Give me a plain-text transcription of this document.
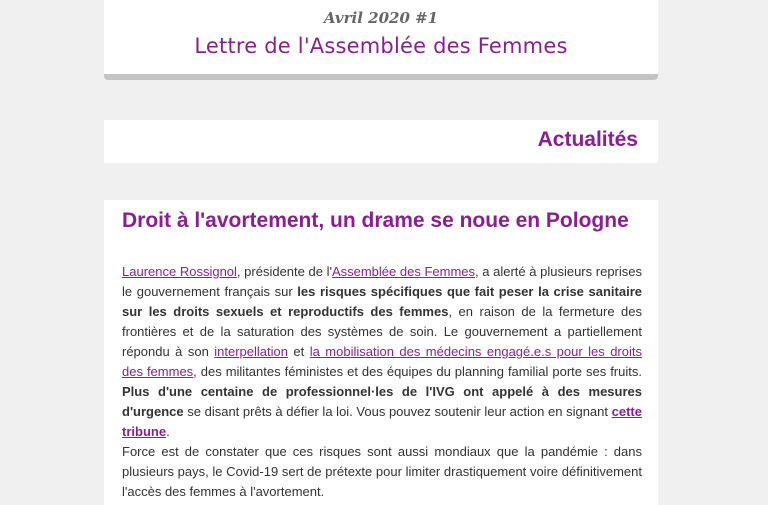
Avril 2020 #1
Lettre de l'Assemblée des Femmes
Actualités
Droit à l'avortement, un drame se noue en Pologne

Laurence Rossignol, présidente de l'Assemblée des Femmes, a alerté à plusieurs reprises le gouvernement français sur les risques spécifiques que fait peser la crise sanitaire sur les droits sexuels et reproductifs des femmes, en raison de la fermeture des frontières et de la saturation des systèmes de soin. Le gouvernement a partiellement répondu à son interpellation et la mobilisation des médecins engagé.e.s pour les droits des femmes, des militantes féministes et des équipes du planning familial porte ses fruits. Plus d'une centaine de professionnel·les de l'IVG ont appelé à des mesures d'urgence se disant prêts à défier la loi. Vous pouvez soutenir leur action en signant cette tribune.

Force est de constater que ces risques sont aussi mondiaux que la pandémie : dans plusieurs pays, le Covid-19 sert de prétexte pour limiter drastiquement voire définitivement l'accès des femmes à l'avortement.
